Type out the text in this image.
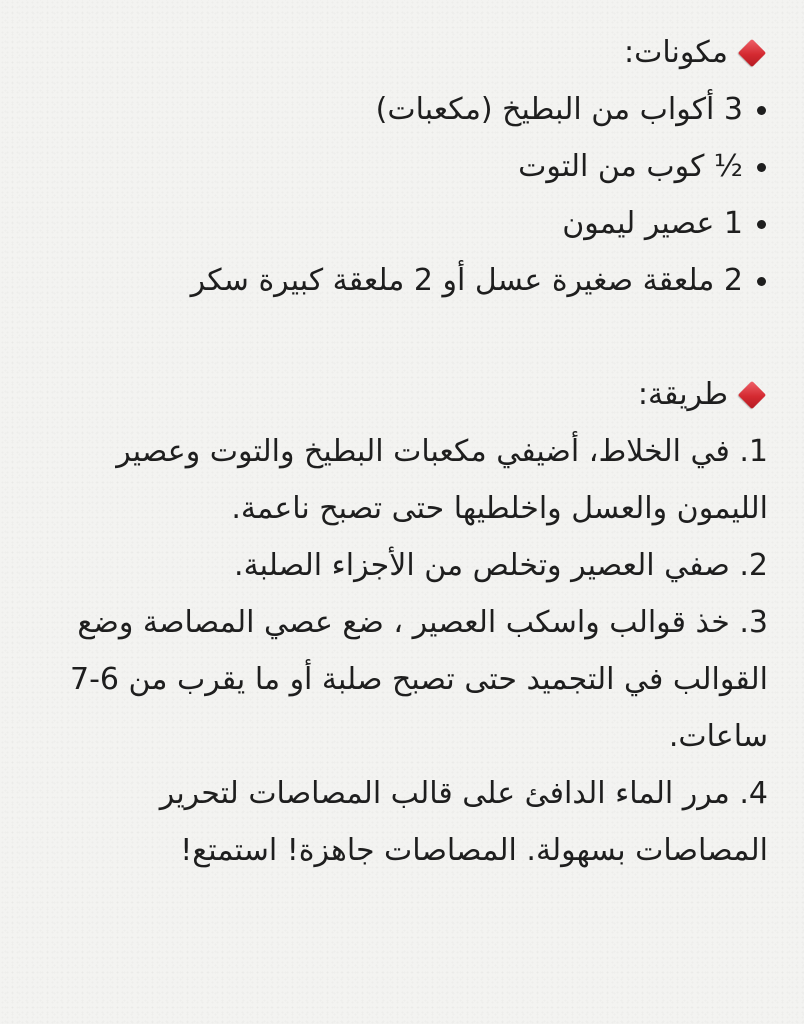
مكونات:
3 أكواب من البطيخ (مكعبات)
½ كوب من التوت
1 عصير ليمون
2 ملعقة صغيرة عسل أو 2 ملعقة كبيرة سكر
طريقة:
1. في الخلاط، أضيفي مكعبات البطيخ والتوت وعصير الليمون والعسل واخلطيها حتى تصبح ناعمة.
2. صفي العصير وتخلص من الأجزاء الصلبة.
3. خذ قوالب واسكب العصير ، ضع عصي المصاصة وضع القوالب في التجميد حتى تصبح صلبة أو ما يقرب من 6-7 ساعات.
4. مرر الماء الدافئ على قالب المصاصات لتحرير المصاصات بسهولة. المصاصات جاهزة! استمتع!
